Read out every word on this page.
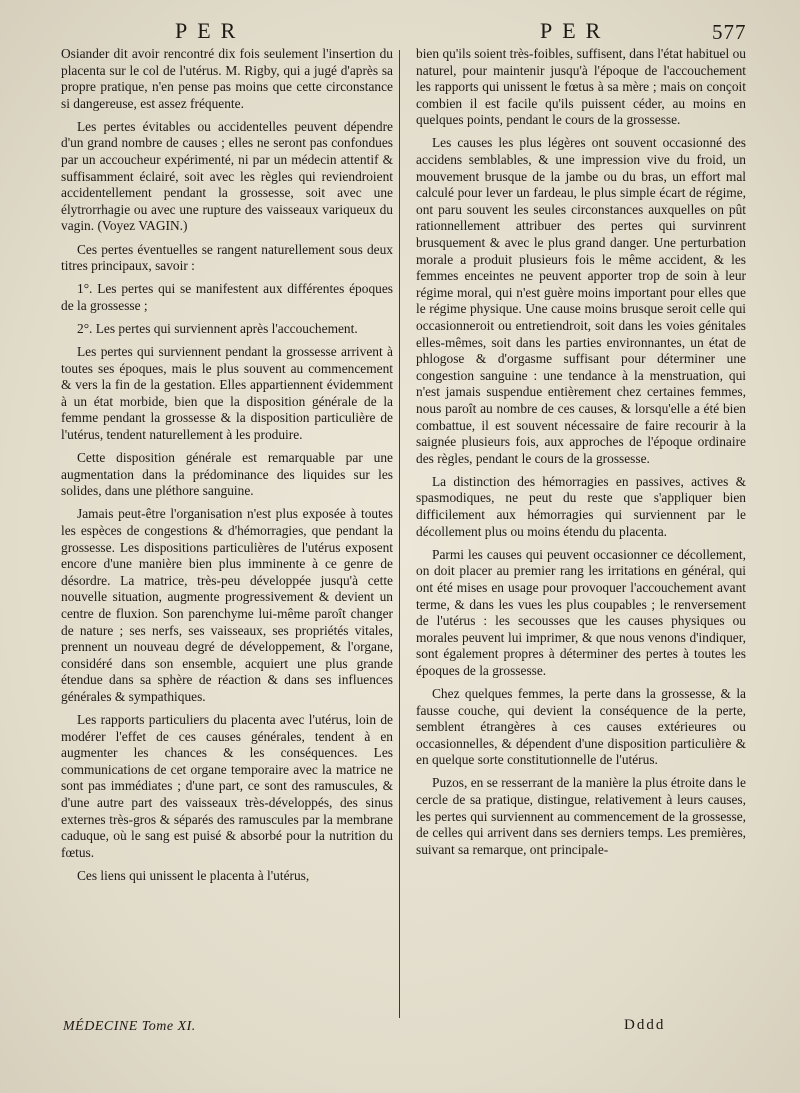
PER	PER	577

Osiander dit avoir rencontré dix fois seulement l'insertion du placenta sur le col de l'utérus. M. Rigby, qui a jugé d'après sa propre pratique, n'en pense pas moins que cette circonstance si dangereuse, est assez fréquente.

Les pertes évitables ou accidentelles peuvent dépendre d'un grand nombre de causes ; elles ne seront pas confondues par un accoucheur expérimenté, ni par un médecin attentif & suffisamment éclairé, soit avec les règles qui reviendroient accidentellement pendant la grossesse, soit avec une élytrorrhagie ou avec une rupture des vaisseaux variqueux du vagin. (Voyez VAGIN.)

Ces pertes éventuelles se rangent naturellement sous deux titres principaux, savoir :

1°. Les pertes qui se manifestent aux différentes époques de la grossesse ;

2°. Les pertes qui surviennent après l'accouchement.

Les pertes qui surviennent pendant la grossesse arrivent à toutes ses époques, mais le plus souvent au commencement & vers la fin de la gestation. Elles appartiennent évidemment à un état morbide, bien que la disposition générale de la femme pendant la grossesse & la disposition particulière de l'utérus, tendent naturellement à les produire.

Cette disposition générale est remarquable par une augmentation dans la prédominance des liquides sur les solides, dans une pléthore sanguine.

Jamais peut-être l'organisation n'est plus exposée à toutes les espèces de congestions & d'hémorragies, que pendant la grossesse. Les dispositions particulières de l'utérus exposent encore d'une manière bien plus imminente à ce genre de désordre. La matrice, très-peu développée jusqu'à cette nouvelle situation, augmente progressivement & devient un centre de fluxion. Son parenchyme lui-même paroît changer de nature ; ses nerfs, ses vaisseaux, ses propriétés vitales, prennent un nouveau degré de développement, & l'organe, considéré dans son ensemble, acquiert une plus grande étendue dans sa sphère de réaction & dans ses influences générales & sympathiques.

Les rapports particuliers du placenta avec l'utérus, loin de modérer l'effet de ces causes générales, tendent à en augmenter les chances & les conséquences. Les communications de cet organe temporaire avec la matrice ne sont pas immédiates ; d'une part, ce sont des ramuscules, & d'une autre part des vaisseaux très-développés, des sinus externes très-gros & séparés des ramuscules par la membrane caduque, où le sang est puisé & absorbé pour la nutrition du fœtus.

Ces liens qui unissent le placenta à l'utérus,

bien qu'ils soient très-foibles, suffisent, dans l'état habituel ou naturel, pour maintenir jusqu'à l'époque de l'accouchement les rapports qui unissent le fœtus à sa mère ; mais on conçoit combien il est facile qu'ils puissent céder, au moins en quelques points, pendant le cours de la grossesse.

Les causes les plus légères ont souvent occasionné des accidens semblables, & une impression vive du froid, un mouvement brusque de la jambe ou du bras, un effort mal calculé pour lever un fardeau, le plus simple écart de régime, ont paru souvent les seules circonstances auxquelles on pût rationnellement attribuer des pertes qui survinrent brusquement & avec le plus grand danger. Une perturbation morale a produit plusieurs fois le même accident, & les femmes enceintes ne peuvent apporter trop de soin à leur régime moral, qui n'est guère moins important pour elles que le régime physique. Une cause moins brusque seroit celle qui occasionneroit ou entretiendroit, soit dans les voies génitales elles-mêmes, soit dans les parties environnantes, un état de phlogose & d'orgasme suffisant pour déterminer une congestion sanguine : une tendance à la menstruation, qui n'est jamais suspendue entièrement chez certaines femmes, nous paroît au nombre de ces causes, & lorsqu'elle a été bien combattue, il est souvent nécessaire de faire recourir à la saignée plusieurs fois, aux approches de l'époque ordinaire des règles, pendant le cours de la grossesse.

La distinction des hémorragies en passives, actives & spasmodiques, ne peut du reste que s'appliquer bien difficilement aux hémorragies qui surviennent par le décollement plus ou moins étendu du placenta.

Parmi les causes qui peuvent occasionner ce décollement, on doit placer au premier rang les irritations en général, qui ont été mises en usage pour provoquer l'accouchement avant terme, & dans les vues les plus coupables ; le renversement de l'utérus : les secousses que les causes physiques ou morales peuvent lui imprimer, & que nous venons d'indiquer, sont également propres à déterminer des pertes à toutes les époques de la grossesse.

Chez quelques femmes, la perte dans la grossesse, & la fausse couche, qui devient la conséquence de la perte, semblent étrangères à ces causes extérieures ou occasionnelles, & dépendent d'une disposition particulière & en quelque sorte constitutionnelle de l'utérus.

Puzos, en se resserrant de la manière la plus étroite dans le cercle de sa pratique, distingue, relativement à leurs causes, les pertes qui surviennent au commencement de la grossesse, de celles qui arrivent dans ses derniers temps. Les premières, suivant sa remarque, ont principale-

MÉDECINE Tome XI.	Dddd
